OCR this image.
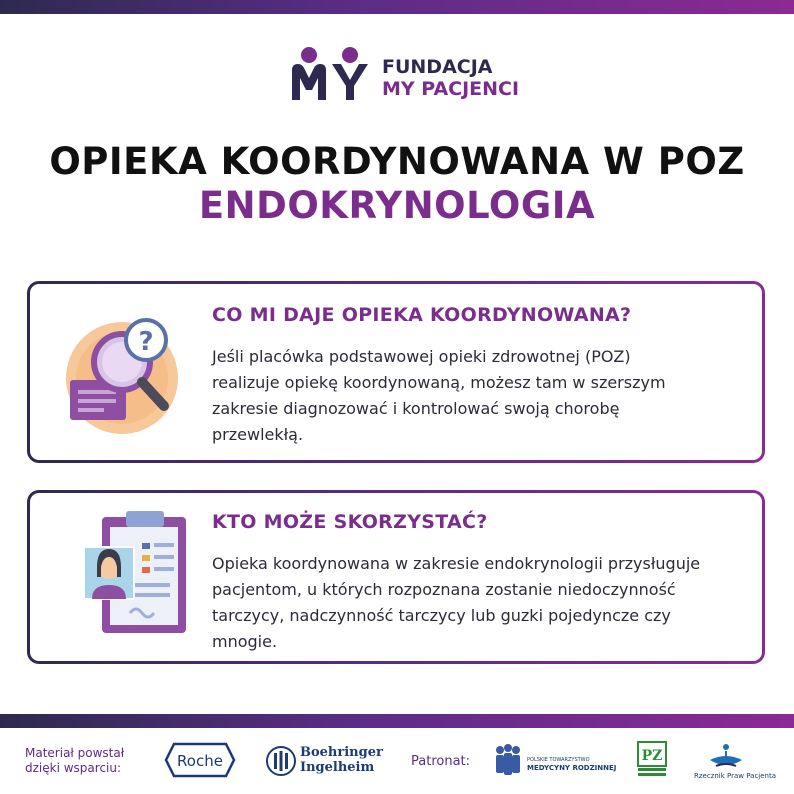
FUNDACJA
MY PACJENCI
OPIEKA KOORDYNOWANA W POZ
ENDOKRYNOLOGIA
?
CO MI DAJE OPIEKA KOORDYNOWANA?

Jeśli placówka podstawowej opieki zdrowotnej (POZ)
realizuje opiekę koordynowaną, możesz tam w szerszym
zakresie diagnozować i kontrolować swoją chorobę
przewlekłą.

KTO MOŻE SKORZYSTAĆ?

Opieka koordynowana w zakresie endokrynologii przysługuje
pacjentom, u których rozpoznana zostanie niedoczynność
tarczycy, nadczynność tarczycy lub guzki pojedyncze czy
mnogie.

Materiał powstał
dzięki wsparciu:	Roche	Boehringer
Ingelheim	Patronat:	POLSKIE TOWARZYSTWO
MEDYCYNY RODZINNEJ
PZ
Rzecznik Praw Pacjenta
